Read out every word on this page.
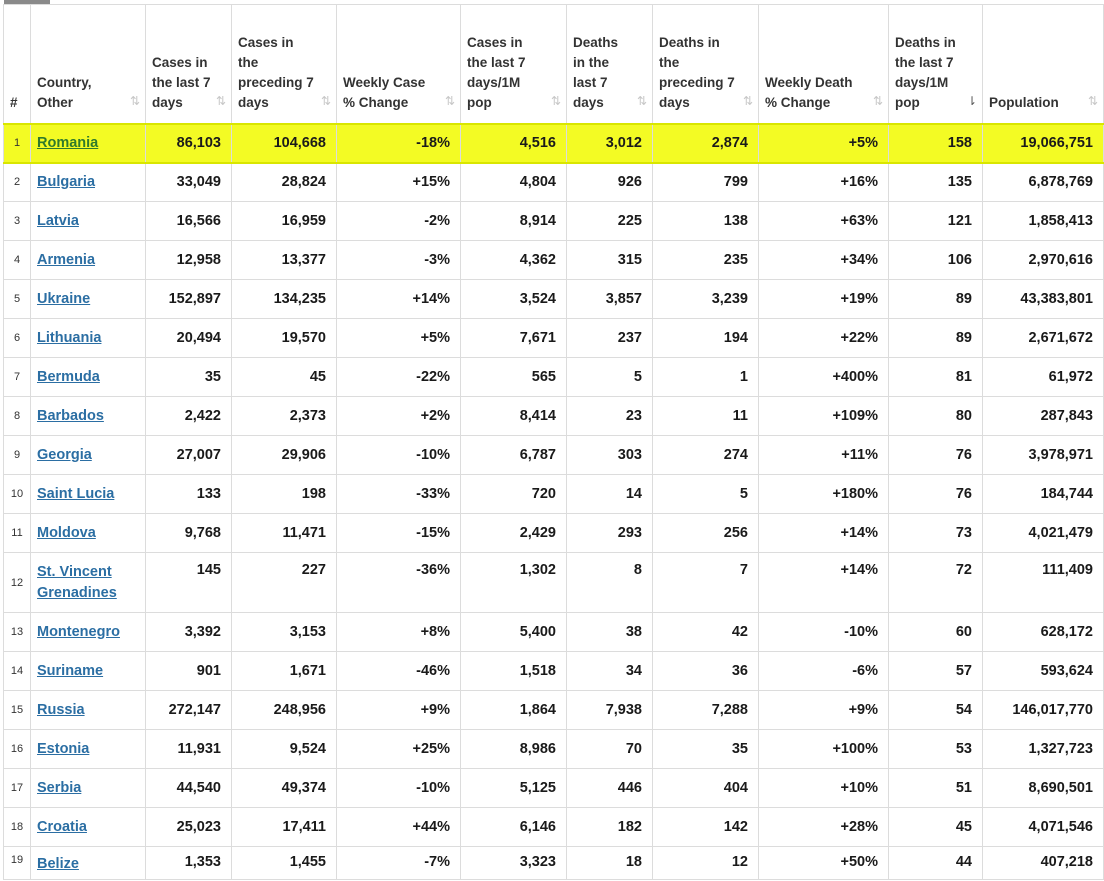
#	Country, Other ⇅	Cases in the last 7 days ⇅	Cases in the preceding 7 days ⇅	Weekly Case % Change ⇅	Cases in the last 7 days/1M pop ⇅	Deaths in the last 7 days ⇅	Deaths in the preceding 7 days ⇅	Weekly Death % Change ⇅	Deaths in the last 7 days/1M pop ⇂	Population ⇅

1	Romania	86,103	104,668	-18%	4,516	3,012	2,874	+5%	158	19,066,751
2	Bulgaria	33,049	28,824	+15%	4,804	926	799	+16%	135	6,878,769
3	Latvia	16,566	16,959	-2%	8,914	225	138	+63%	121	1,858,413
4	Armenia	12,958	13,377	-3%	4,362	315	235	+34%	106	2,970,616
5	Ukraine	152,897	134,235	+14%	3,524	3,857	3,239	+19%	89	43,383,801
6	Lithuania	20,494	19,570	+5%	7,671	237	194	+22%	89	2,671,672
7	Bermuda	35	45	-22%	565	5	1	+400%	81	61,972
8	Barbados	2,422	2,373	+2%	8,414	23	11	+109%	80	287,843
9	Georgia	27,007	29,906	-10%	6,787	303	274	+11%	76	3,978,971
10	Saint Lucia	133	198	-33%	720	14	5	+180%	76	184,744
11	Moldova	9,768	11,471	-15%	2,429	293	256	+14%	73	4,021,479
12	St. Vincent Grenadines	145	227	-36%	1,302	8	7	+14%	72	111,409
13	Montenegro	3,392	3,153	+8%	5,400	38	42	-10%	60	628,172
14	Suriname	901	1,671	-46%	1,518	34	36	-6%	57	593,624
15	Russia	272,147	248,956	+9%	1,864	7,938	7,288	+9%	54	146,017,770
16	Estonia	11,931	9,524	+25%	8,986	70	35	+100%	53	1,327,723
17	Serbia	44,540	49,374	-10%	5,125	446	404	+10%	51	8,690,501
18	Croatia	25,023	17,411	+44%	6,146	182	142	+28%	45	4,071,546
19	Belize	1,353	1,455	-7%	3,323	18	12	+50%	44	407,218
